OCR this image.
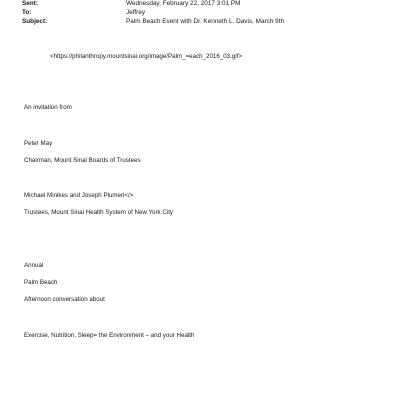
Sent:	Wednesday, February 22, 2017 3:01 PM
To:	Jeffrey
Subject:	Palm Beach Event with Dr. Kenneth L. Davis, March 9th
<https://philanthropy.mountsinai.org/image/Palm_=each_2016_03.gif>
An invitation from
Peter May
Chairman, Mount Sinai Boards of Trustees
Michael Minikes and Joseph Plumeri</>
Trustees, Mount Sinai Health System of New York City
Annual
Palm Beach
Afternoon conversation about
Exercise, Nutrition, Sleep= the Environment – and your Health
